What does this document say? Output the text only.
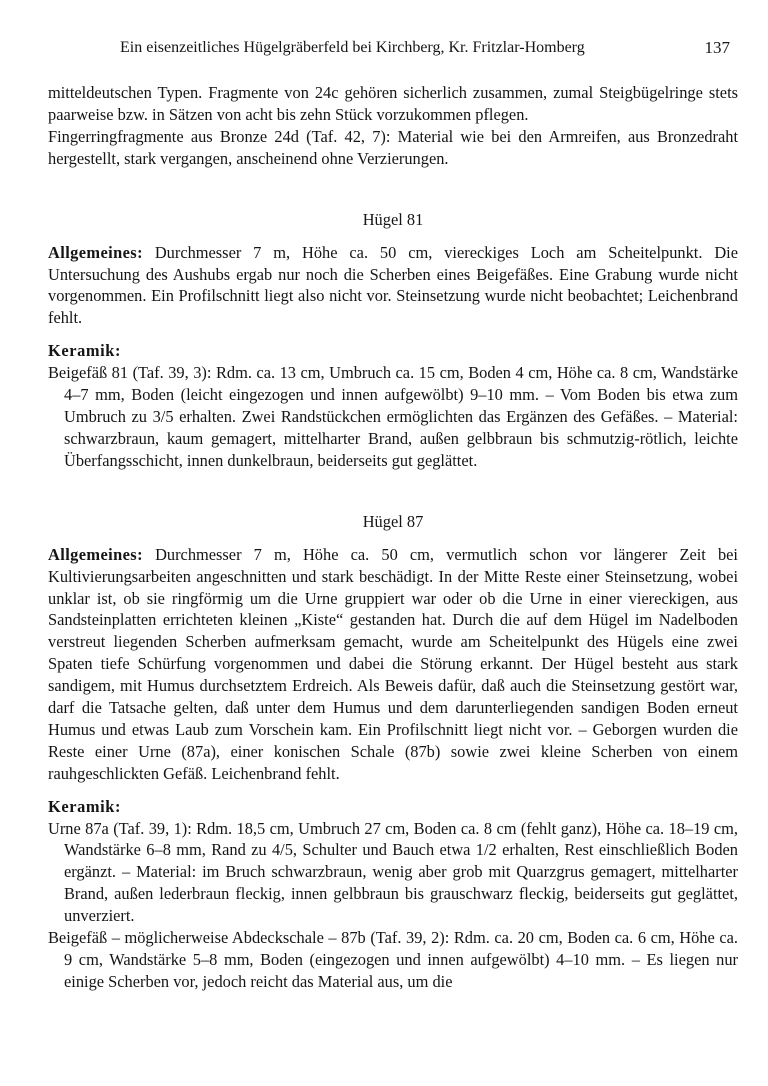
Ein eisenzeitliches Hügelgräberfeld bei Kirchberg, Kr. Fritzlar-Homberg	137

mitteldeutschen Typen. Fragmente von 24c gehören sicherlich zusammen, zumal Steigbügelringe stets paarweise bzw. in Sätzen von acht bis zehn Stück vorzukommen pflegen.

Fingerringfragmente aus Bronze 24d (Taf. 42, 7): Material wie bei den Armreifen, aus Bronzedraht hergestellt, stark vergangen, anscheinend ohne Verzierungen.

Hügel 81

Allgemeines: Durchmesser 7 m, Höhe ca. 50 cm, viereckiges Loch am Scheitelpunkt. Die Untersuchung des Aushubs ergab nur noch die Scherben eines Beigefäßes. Eine Grabung wurde nicht vorgenommen. Ein Profilschnitt liegt also nicht vor. Steinsetzung wurde nicht beobachtet; Leichenbrand fehlt.

Keramik:

Beigefäß 81 (Taf. 39, 3): Rdm. ca. 13 cm, Umbruch ca. 15 cm, Boden 4 cm, Höhe ca. 8 cm, Wandstärke 4–7 mm, Boden (leicht eingezogen und innen aufgewölbt) 9–10 mm. – Vom Boden bis etwa zum Umbruch zu 3/5 erhalten. Zwei Randstückchen ermöglichten das Ergänzen des Gefäßes. – Material: schwarzbraun, kaum gemagert, mittelharter Brand, außen gelbbraun bis schmutzig-rötlich, leichte Überfangsschicht, innen dunkelbraun, beiderseits gut geglättet.

Hügel 87

Allgemeines: Durchmesser 7 m, Höhe ca. 50 cm, vermutlich schon vor längerer Zeit bei Kultivierungsarbeiten angeschnitten und stark beschädigt. In der Mitte Reste einer Steinsetzung, wobei unklar ist, ob sie ringförmig um die Urne gruppiert war oder ob die Urne in einer viereckigen, aus Sandsteinplatten errichteten kleinen „Kiste“ gestanden hat. Durch die auf dem Hügel im Nadelboden verstreut liegenden Scherben aufmerksam gemacht, wurde am Scheitelpunkt des Hügels eine zwei Spaten tiefe Schürfung vorgenommen und dabei die Störung erkannt. Der Hügel besteht aus stark sandigem, mit Humus durchsetztem Erdreich. Als Beweis dafür, daß auch die Steinsetzung gestört war, darf die Tatsache gelten, daß unter dem Humus und dem darunterliegenden sandigen Boden erneut Humus und etwas Laub zum Vorschein kam. Ein Profilschnitt liegt nicht vor. – Geborgen wurden die Reste einer Urne (87a), einer konischen Schale (87b) sowie zwei kleine Scherben von einem rauhgeschlickten Gefäß. Leichenbrand fehlt.

Keramik:

Urne 87a (Taf. 39, 1): Rdm. 18,5 cm, Umbruch 27 cm, Boden ca. 8 cm (fehlt ganz), Höhe ca. 18–19 cm, Wandstärke 6–8 mm, Rand zu 4/5, Schulter und Bauch etwa 1/2 erhalten, Rest einschließlich Boden ergänzt. – Material: im Bruch schwarzbraun, wenig aber grob mit Quarzgrus gemagert, mittelharter Brand, außen lederbraun fleckig, innen gelbbraun bis grauschwarz fleckig, beiderseits gut geglättet, unverziert.

Beigefäß – möglicherweise Abdeckschale – 87b (Taf. 39, 2): Rdm. ca. 20 cm, Boden ca. 6 cm, Höhe ca. 9 cm, Wandstärke 5–8 mm, Boden (eingezogen und innen aufgewölbt) 4–10 mm. – Es liegen nur einige Scherben vor, jedoch reicht das Material aus, um die
